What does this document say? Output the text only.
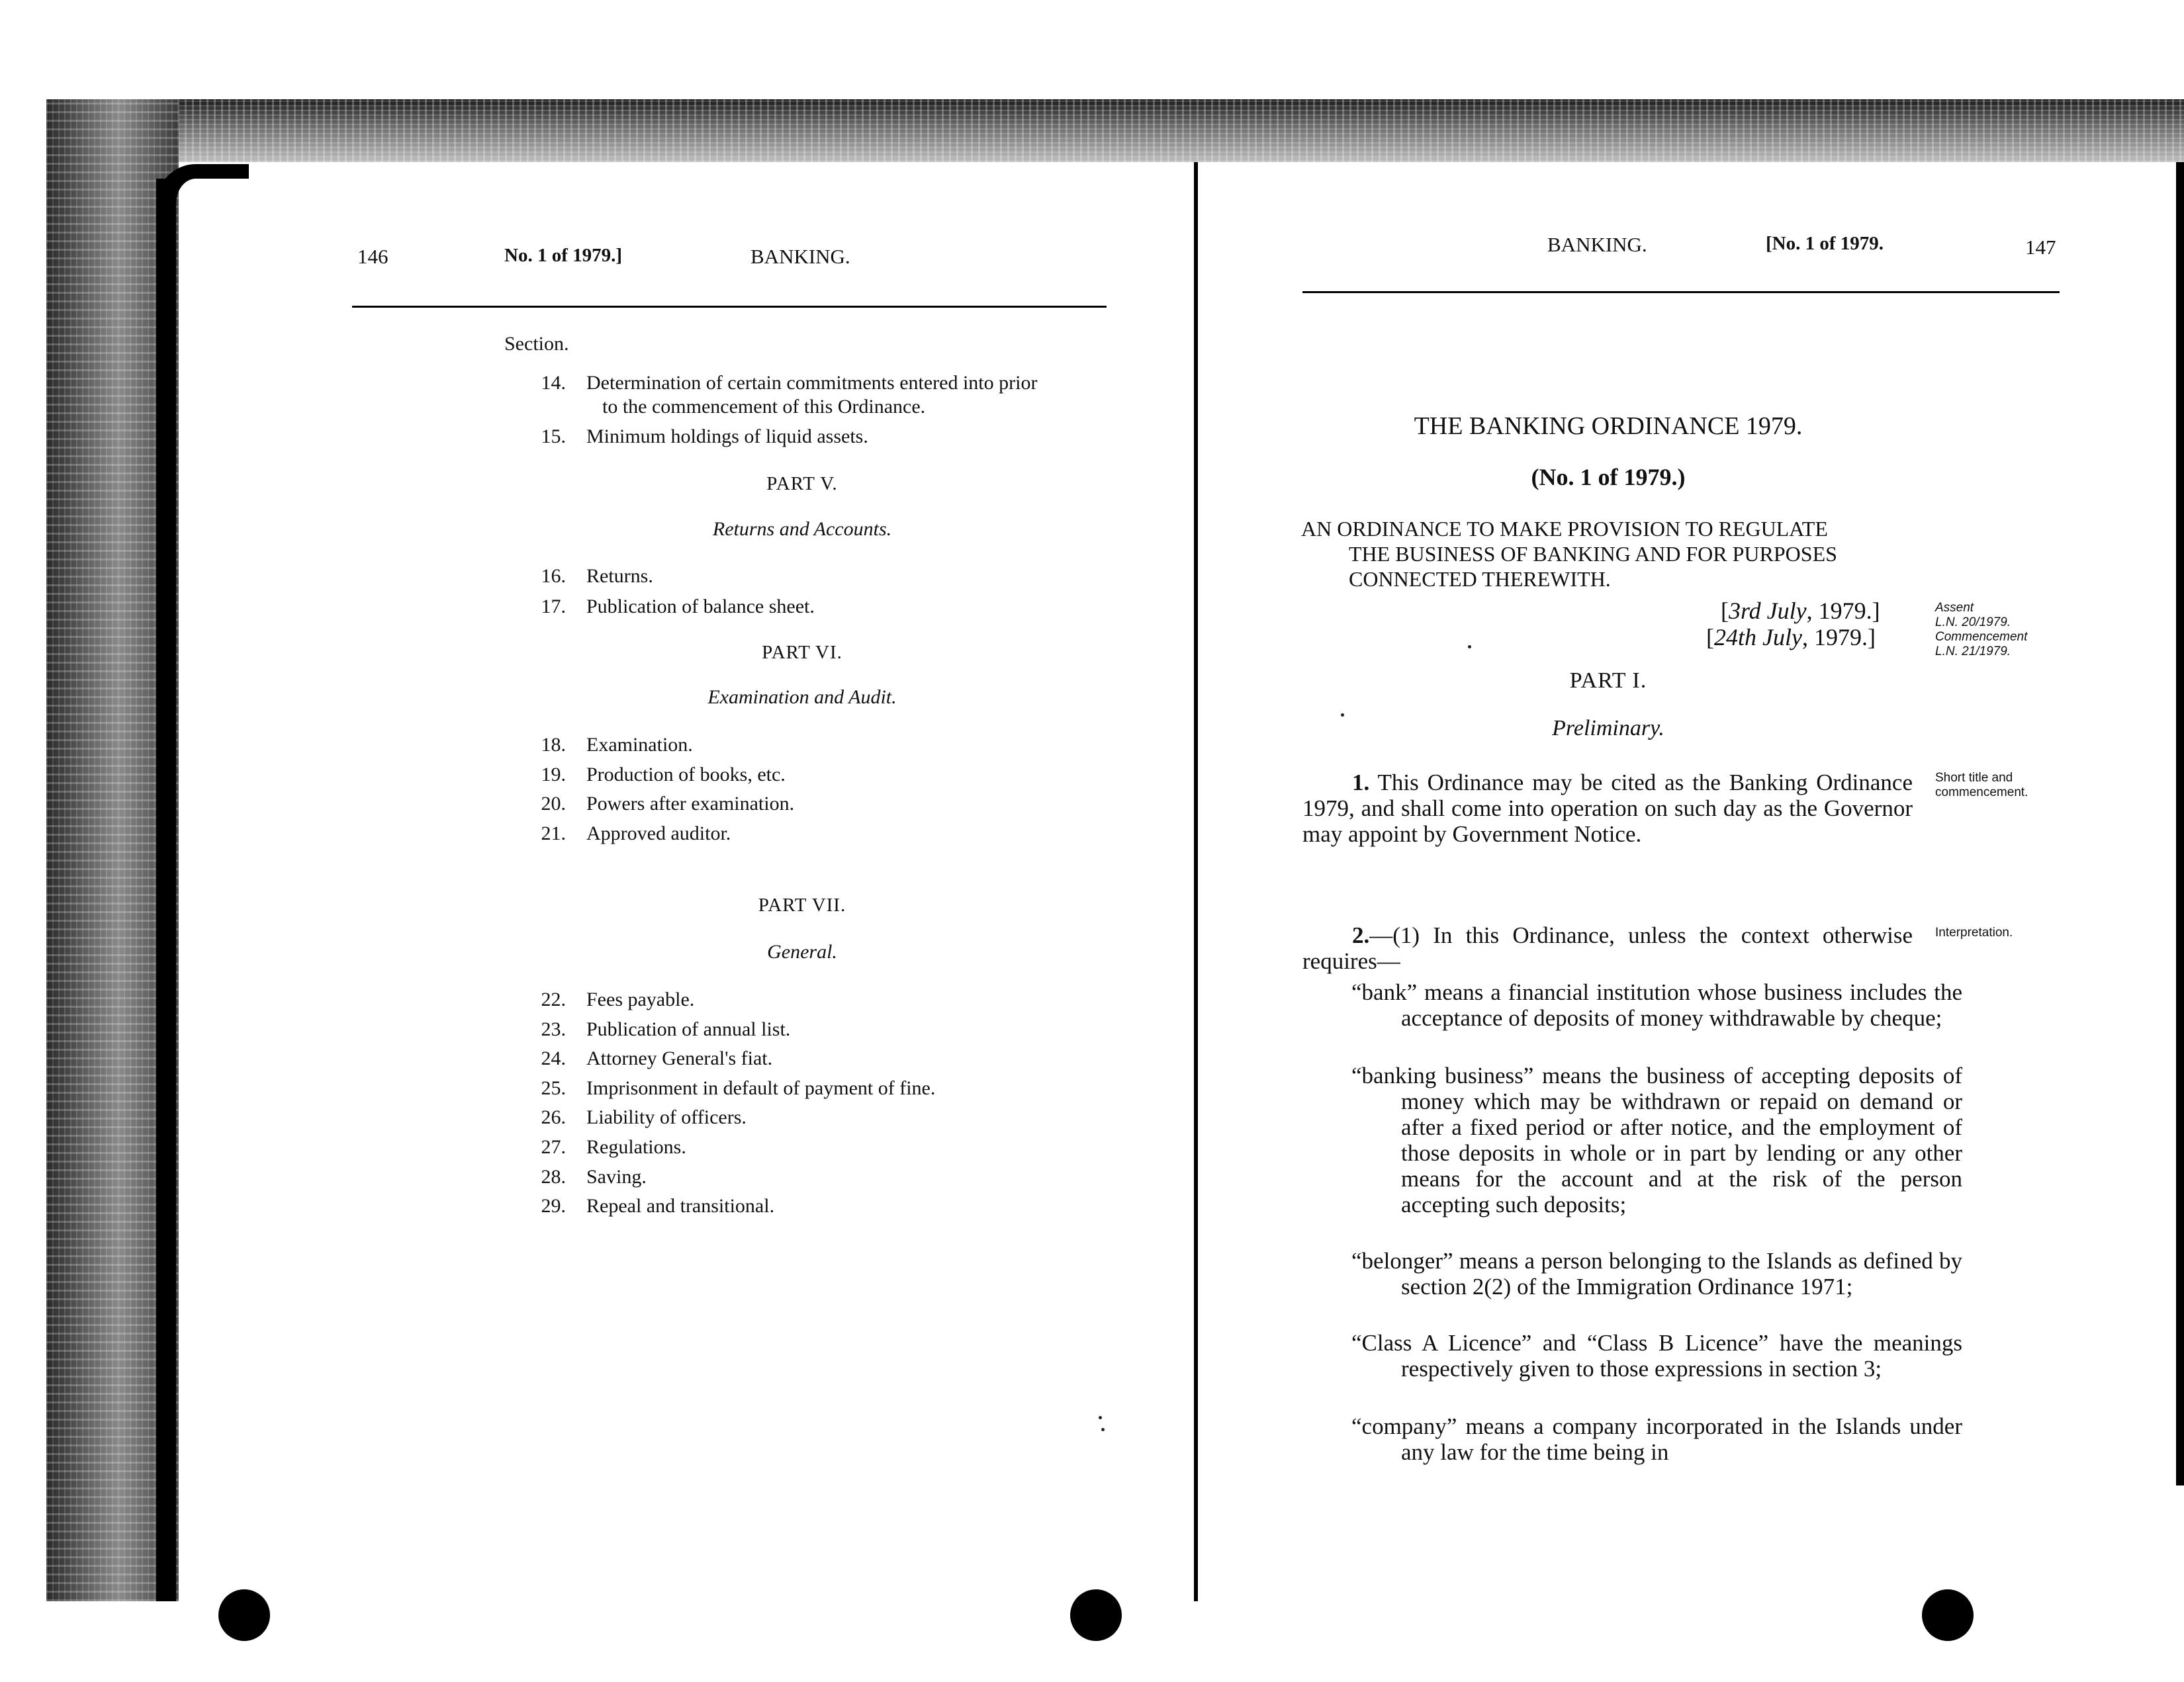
146	No. 1 of 1979.]	BANKING.
Section.
14. Determination of certain commitments entered into prior
to the commencement of this Ordinance.
15. Minimum holdings of liquid assets.
PART V.
Returns and Accounts.
16. Returns.
17. Publication of balance sheet.
PART VI.
Examination and Audit.
18. Examination.
19. Production of books, etc.
20. Powers after examination.
21. Approved auditor.
PART VII.
General.
22. Fees payable.
23. Publication of annual list.
24. Attorney General's fiat.
25. Imprisonment in default of payment of fine.
26. Liability of officers.
27. Regulations.
28. Saving.
29. Repeal and transitional.
BANKING.	[No. 1 of 1979.	147
THE BANKING ORDINANCE 1979.
(No. 1 of 1979.)
AN ORDINANCE TO MAKE PROVISION TO REGULATE
THE BUSINESS OF BANKING AND FOR PURPOSES
CONNECTED THEREWITH.
[3rd July, 1979.]
[24th July, 1979.]
Assent
L.N. 20/1979.
Commencement
L.N. 21/1979.
PART I.
Preliminary.
1. This Ordinance may be cited as the Banking Ordinance 1979, and shall come into operation on such day as the Governor may appoint by Government Notice.
Short title and commencement.
2.—(1) In this Ordinance, unless the context otherwise requires—
Interpretation.
“bank” means a financial institution whose business includes the acceptance of deposits of money withdrawable by cheque;
“banking business” means the business of accepting deposits of money which may be withdrawn or repaid on demand or after a fixed period or after notice, and the employment of those deposits in whole or in part by lending or any other means for the account and at the risk of the person accepting such deposits;
“belonger” means a person belonging to the Islands as defined by section 2(2) of the Immigration Ordinance 1971;
“Class A Licence” and “Class B Licence” have the meanings respectively given to those expressions in section 3;
“company” means a company incorporated in the Islands under any law for the time being in
